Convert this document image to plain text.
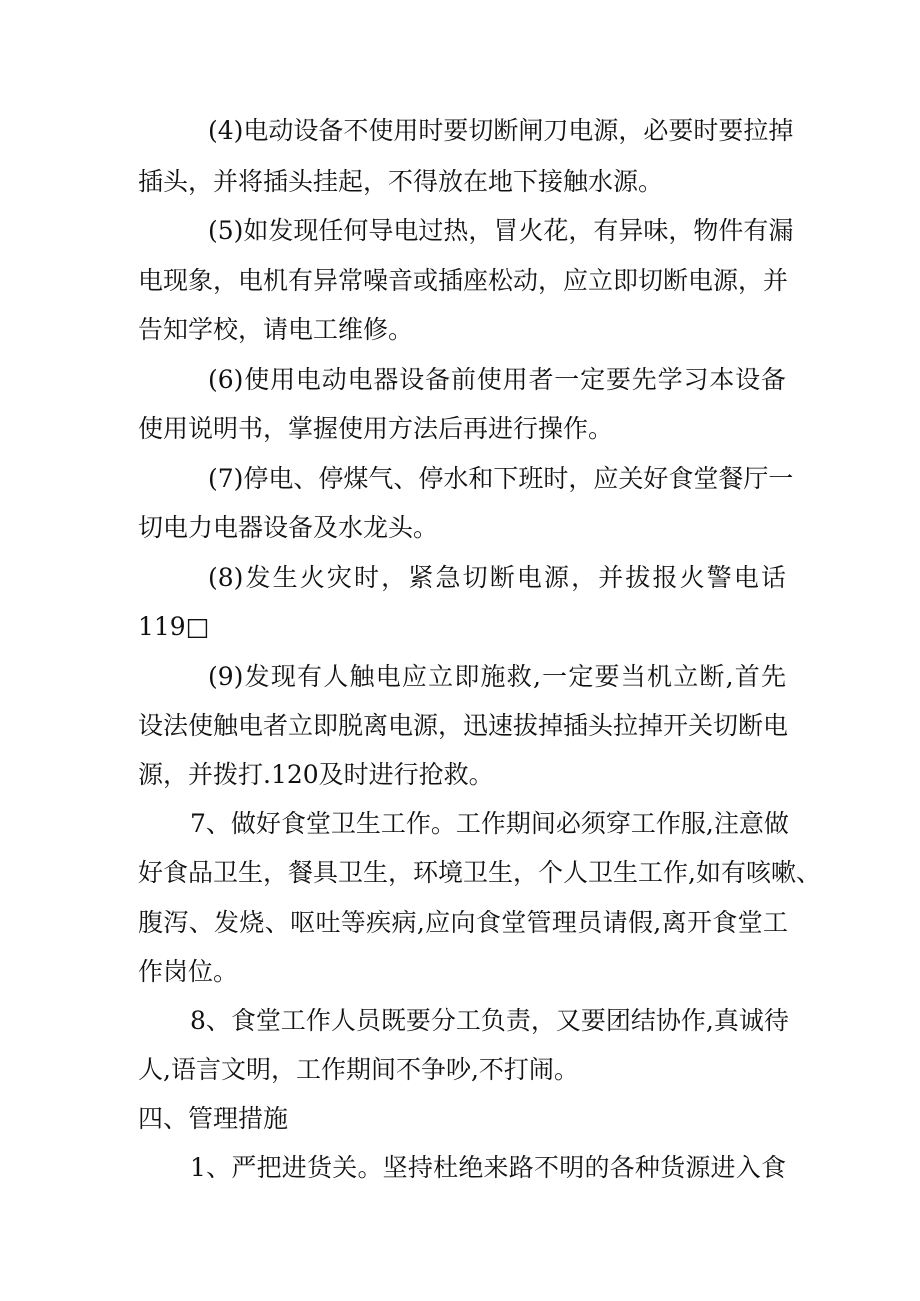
(4)电动设备不使用时要切断闸刀电源，必要时要拉掉
插头，并将插头挂起，不得放在地下接触水源。
(5)如发现任何导电过热，冒火花，有异味，物件有漏
电现象，电机有异常噪音或插座松动，应立即切断电源，并
告知学校，请电工维修。
(6)使用电动电器设备前使用者一定要先学习本设备
使用说明书，掌握使用方法后再进行操作。
(7)停电、停煤气、停水和下班时，应关好食堂餐厅一
切电力电器设备及水龙头。
(8)发生火灾时，紧急切断电源，并拔报火警电话
119□
(9)发现有人触电应立即施救,一定要当机立断,首先
设法使触电者立即脱离电源，迅速拔掉插头拉掉开关切断电
源，并拨打.120及时进行抢救。
7、做好食堂卫生工作。工作期间必须穿工作服,注意做
好食品卫生，餐具卫生，环境卫生，个人卫生工作,如有咳嗽、
腹泻、发烧、呕吐等疾病,应向食堂管理员请假,离开食堂工
作岗位。
8、食堂工作人员既要分工负责，又要团结协作,真诚待
人,语言文明，工作期间不争吵,不打闹。
四、管理措施
1、严把进货关。坚持杜绝来路不明的各种货源进入食
